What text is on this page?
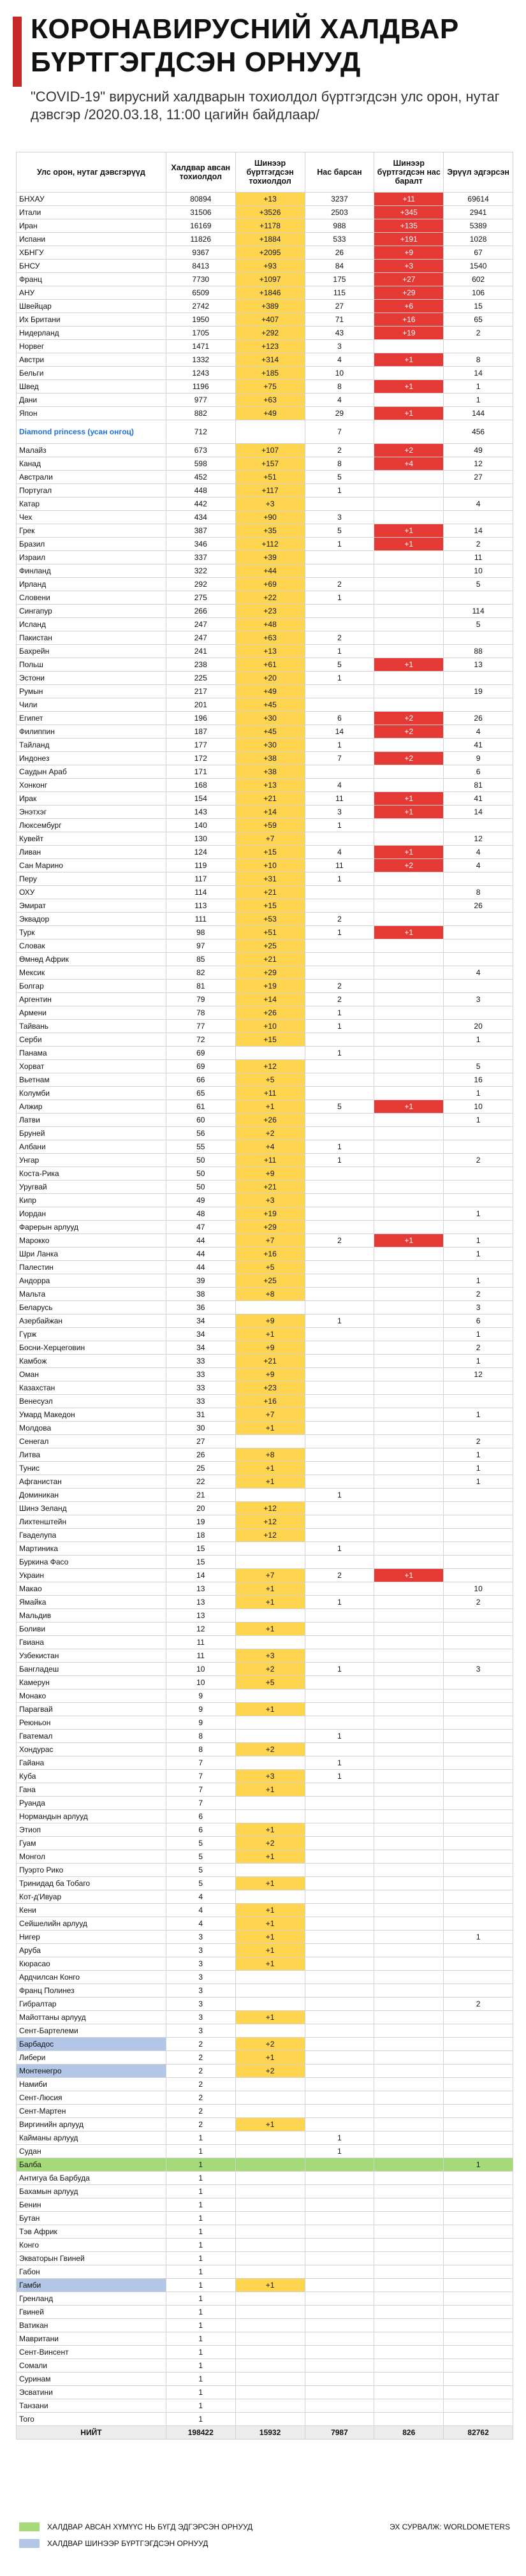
КОРОНАВИРУСНИЙ ХАЛДВАР БҮРТГЭГДСЭН ОРНУУД
"COVID-19" вирусний халдварын тохиолдол бүртгэгдсэн улс орон, нутаг дэвсгэр /2020.03.18, 11:00 цагийн байдлаар/
Улс орон, нутаг дэвсгэрүүд	Халдвар авсан тохиолдол	Шинээр бүртгэгдсэн тохиолдол	Нас барсан	Шинээр бүртгэгдсэн нас баралт	Эрүүл эдгэрсэн
БНХАУ	80894	+13	3237	+11	69614
Итали	31506	+3526	2503	+345	2941
Иран	16169	+1178	988	+135	5389
Испани	11826	+1884	533	+191	1028
ХБНГУ	9367	+2095	26	+9	67
БНСУ	8413	+93	84	+3	1540
Франц	7730	+1097	175	+27	602
АНУ	6509	+1846	115	+29	106
Швейцар	2742	+389	27	+6	15
Их Британи	1950	+407	71	+16	65
Нидерланд	1705	+292	43	+19	2
Норвег	1471	+123	3		
Австри	1332	+314	4	+1	8
Бельги	1243	+185	10		14
Швед	1196	+75	8	+1	1
Дани	977	+63	4		1
Япон	882	+49	29	+1	144
Diamond princess (усан онгоц)	712		7		456
Малайз	673	+107	2	+2	49
Канад	598	+157	8	+4	12
Австрали	452	+51	5		27
Португал	448	+117	1		
Катар	442	+3			4
Чех	434	+90	3		
Грек	387	+35	5	+1	14
Бразил	346	+112	1	+1	2
Израил	337	+39			11
Финланд	322	+44			10
Ирланд	292	+69	2		5
Словени	275	+22	1		
Сингапур	266	+23			114
Исланд	247	+48			5
Пакистан	247	+63	2		
Бахрейн	241	+13	1		88
Польш	238	+61	5	+1	13
Эстони	225	+20	1		
Румын	217	+49			19
Чили	201	+45			
Египет	196	+30	6	+2	26
Филиппин	187	+45	14	+2	4
Тайланд	177	+30	1		41
Индонез	172	+38	7	+2	9
Саудын Араб	171	+38			6
Хонконг	168	+13	4		81
Ирак	154	+21	11	+1	41
Энэтхэг	143	+14	3	+1	14
Люксембург	140	+59	1		
Кувейт	130	+7			12
Ливан	124	+15	4	+1	4
Сан Марино	119	+10	11	+2	4
Перу	117	+31	1		
ОХУ	114	+21			8
Эмират	113	+15			26
Эквадор	111	+53	2		
Турк	98	+51	1	+1	
Словак	97	+25			
Өмнөд Африк	85	+21			
Мексик	82	+29			4
Болгар	81	+19	2		
Аргентин	79	+14	2		3
Армени	78	+26	1		
Тайвань	77	+10	1		20
Серби	72	+15			1
Панама	69		1		
Хорват	69	+12			5
Вьетнам	66	+5			16
Колумби	65	+11			1
Алжир	61	+1	5	+1	10
Латви	60	+26			1
Бруней	56	+2			
Албани	55	+4	1		
Унгар	50	+11	1		2
Коста-Рика	50	+9			
Уругвай	50	+21			
Кипр	49	+3			
Иордан	48	+19			1
Фарерын арлууд	47	+29			
Марокко	44	+7	2	+1	1
Шри Ланка	44	+16			1
Палестин	44	+5			
Андорра	39	+25			1
Мальта	38	+8			2
Беларусь	36				3
Азербайжан	34	+9	1		6
Гүрж	34	+1			1
Босни-Херцеговин	34	+9			2
Камбож	33	+21			1
Оман	33	+9			12
Казахстан	33	+23			
Венесуэл	33	+16			
Умард Македон	31	+7			1
Молдова	30	+1			
Сенегал	27				2
Литва	26	+8			1
Тунис	25	+1			1
Афганистан	22	+1			1
Доминикан	21		1		
Шинэ Зеланд	20	+12			
Лихтенштейн	19	+12			
Гваделупа	18	+12			
Мартиника	15		1		
Буркина Фасо	15				
Украин	14	+7	2	+1	
Макао	13	+1			10
Ямайка	13	+1	1		2
Мальдив	13				
Боливи	12	+1			
Гвиана	11				
Узбекистан	11	+3			
Бангладеш	10	+2	1		3
Камерун	10	+5			
Монако	9				
Парагвай	9	+1			
Реюньон	9				
Гватемал	8		1		
Хондурас	8	+2			
Гайана	7		1		
Куба	7	+3	1		
Гана	7	+1			
Руанда	7				
Нормандын арлууд	6				
Этиоп	6	+1			
Гуам	5	+2			
Монгол	5	+1			
Пуэрто Рико	5				
Тринидад ба Тобаго	5	+1			
Кот-д'Ивуар	4				
Кени	4	+1			
Сейшелийн арлууд	4	+1			
Нигер	3	+1			1
Аруба	3	+1			
Кюрасао	3	+1			
Ардчилсан Конго	3				
Франц Полинез	3				
Гибралтар	3				2
Майоттаны арлууд	3	+1			
Сент-Бартелеми	3				
Барбадос	2	+2			
Либери	2	+1			
Монтенегро	2	+2			
Намиби	2				
Сент-Люсия	2				
Сент-Мартен	2				
Виргинийн арлууд	2	+1			
Кайманы арлууд	1		1		
Судан	1		1		
Балба	1				1
Антигуа ба Барбуда	1				
Бахамын арлууд	1				
Бенин	1				
Бутан	1				
Тэв Африк	1				
Конго	1				
Экваторын Гвиней	1				
Габон	1				
Гамби	1	+1			
Гренланд	1				
Гвиней	1				
Ватикан	1				
Мавритани	1				
Сент-Винсент	1				
Сомали	1				
Суринам	1				
Эсватини	1				
Танзани	1				
Того	1				
НИЙТ	198422	15932	7987	826	82762
ХАЛДВАР АВСАН ХҮМҮҮС НЬ БҮГД ЭДГЭРСЭН ОРНУУД	ЭХ СУРВАЛЖ: WORLDOMETERS
ХАЛДВАР ШИНЭЭР БҮРТГЭГДСЭН ОРНУУД
